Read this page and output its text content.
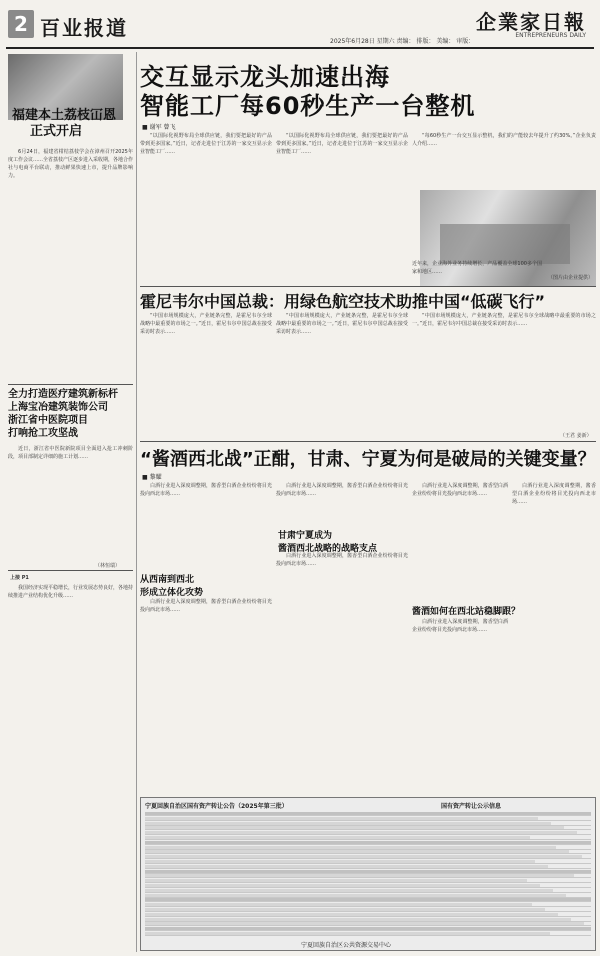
2 百业报道
2025年6月28日 星期六 责编： 排版： 美编： 审版：
企業家日報
ENTREPRENEURS DAILY
福建本土荔枝冚恩
正式开启
6月24日，福建省柑桔荔枝学会在漳州召开2025年度工作会议……全省荔枝产区逐步进入采收期，各地合作社与电商平台联动，推动鲜果快速上市，提升品牌影响力。
全力打造医疗建筑新标杆
上海宝冶建筑装饰公司
浙江省中医院项目
打响抢工攻坚战
近日，浙江省中医院新院项目全面进入抢工冲刺阶段，项目部制定详细的施工计划……
（林恒瑞）
上接 P1
我国经济实现平稳增长，行业发展态势良好，各地持续推进产业结构优化升级……
交互显示龙头加速出海
智能工厂每60秒生产一台整机
■ 谢军 曾飞
“以国际化视野布局全球供应链，我们要把最好的产品带到更多国家。”近日，记者走进位于江苏的一家交互显示企业智能工厂……
“以国际化视野布局全球供应链，我们要把最好的产品带到更多国家。”近日，记者走进位于江苏的一家交互显示企业智能工厂……
“每60秒生产一台交互显示整机，我们的产能较去年提升了约30%。”企业负责人介绍……
近年来，企业海外业务持续增长，产品覆盖全球100多个国家和地区……
（图片由企业提供）
霍尼韦尔中国总裁：用绿色航空技术助推中国“低碳飞行”
“中国市场规模庞大，产业链条完整，是霍尼韦尔全球战略中最重要的市场之一。”近日，霍尼韦尔中国总裁在接受采访时表示……
“中国市场规模庞大，产业链条完整，是霍尼韦尔全球战略中最重要的市场之一。”近日，霍尼韦尔中国总裁在接受采访时表示……
“中国市场规模庞大，产业链条完整，是霍尼韦尔全球战略中最重要的市场之一。”近日，霍尼韦尔中国总裁在接受采访时表示……
（王君 姜新）
“酱酒西北战”正酣，甘肃、宁夏为何是破局的关键变量？
■ 黎耀
白酒行业进入深度调整期，酱香型白酒企业纷纷将目光投向西北市场……
从西南到西北
形成立体化攻势
白酒行业进入深度调整期，酱香型白酒企业纷纷将目光投向西北市场……
白酒行业进入深度调整期，酱香型白酒企业纷纷将目光投向西北市场……
甘肃宁夏成为
酱酒西北战略的战略支点
白酒行业进入深度调整期，酱香型白酒企业纷纷将目光投向西北市场……
白酒行业进入深度调整期，酱香型白酒企业纷纷将目光投向西北市场……
酱酒如何在西北站稳脚跟？
白酒行业进入深度调整期，酱香型白酒企业纷纷将目光投向西北市场……
白酒行业进入深度调整期，酱香型白酒企业纷纷将目光投向西北市场……
宁夏回族自治区国有资产转让公告（2025年第三批）	国有资产转让公示信息
宁夏回族自治区公共资源交易中心
